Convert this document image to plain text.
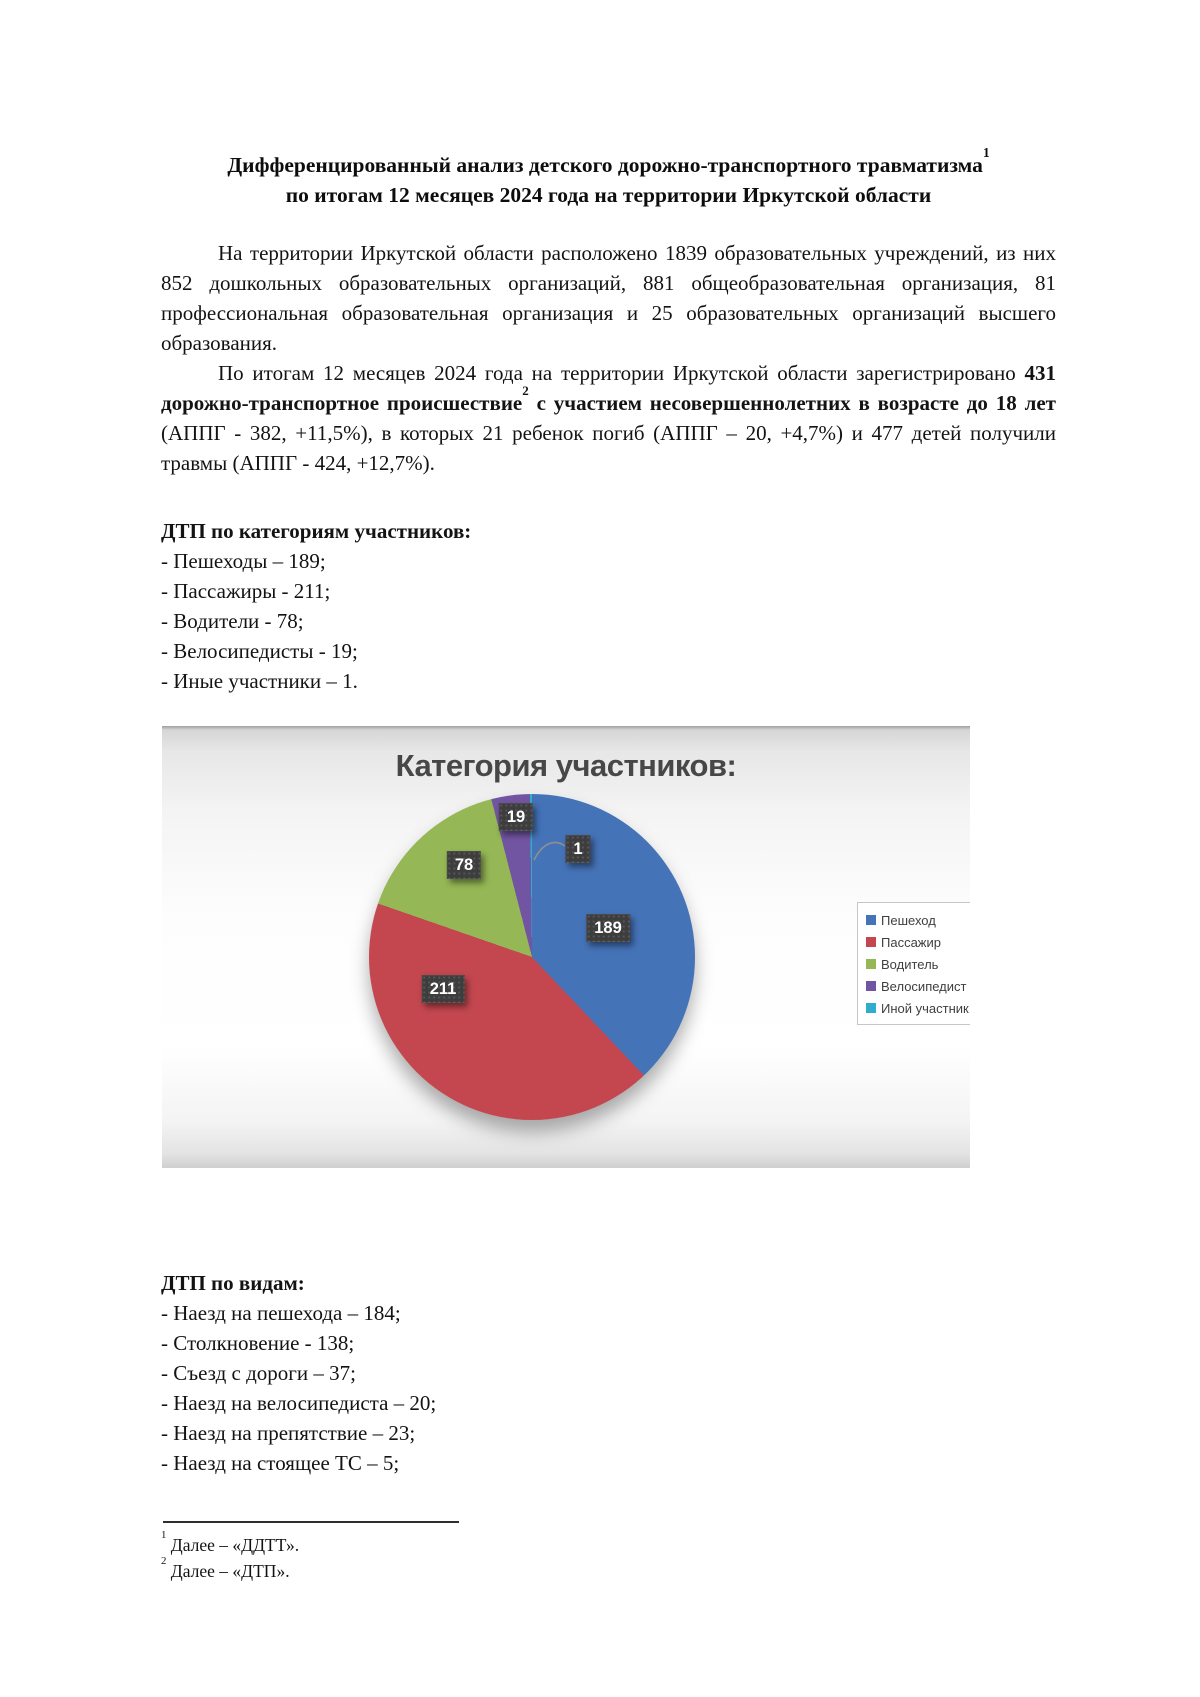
Дифференцированный анализ детского дорожно-транспортного травматизма$^1$
по итогам 12 месяцев 2024 года на территории Иркутской области

На территории Иркутской области расположено 1839 образовательных учреждений, из них 852 дошкольных образовательных организаций, 881 общеобразовательная организация, 81 профессиональная образовательная организация и 25 образовательных организаций высшего образования.

По итогам 12 месяцев 2024 года на территории Иркутской области зарегистрировано 431 дорожно-транспортное происшествие$^2$ с участием несовершеннолетних в возрасте до 18 лет (АППГ - 382, +11,5%), в которых 21 ребенок погиб (АППГ – 20, +4,7%) и 477 детей получили травмы (АППГ - 424, +12,7%).

ДТП по категориям участников:
- Пешеходы – 189;
- Пассажиры - 211;
- Водители - 78;
- Велосипедисты - 19;
- Иные участники – 1.
Категория участников:
189
211
78
19
1
Пешеход
Пассажир
Водитель
Велосипедист
Иной участник
ДТП по видам:
- Наезд на пешехода – 184;
- Столкновение - 138;
- Съезд с дороги – 37;
- Наезд на велосипедиста – 20;
- Наезд на препятствие – 23;
- Наезд на стоящее ТС – 5;
$^1$ Далее – «ДДТТ».
$^2$ Далее – «ДТП».
